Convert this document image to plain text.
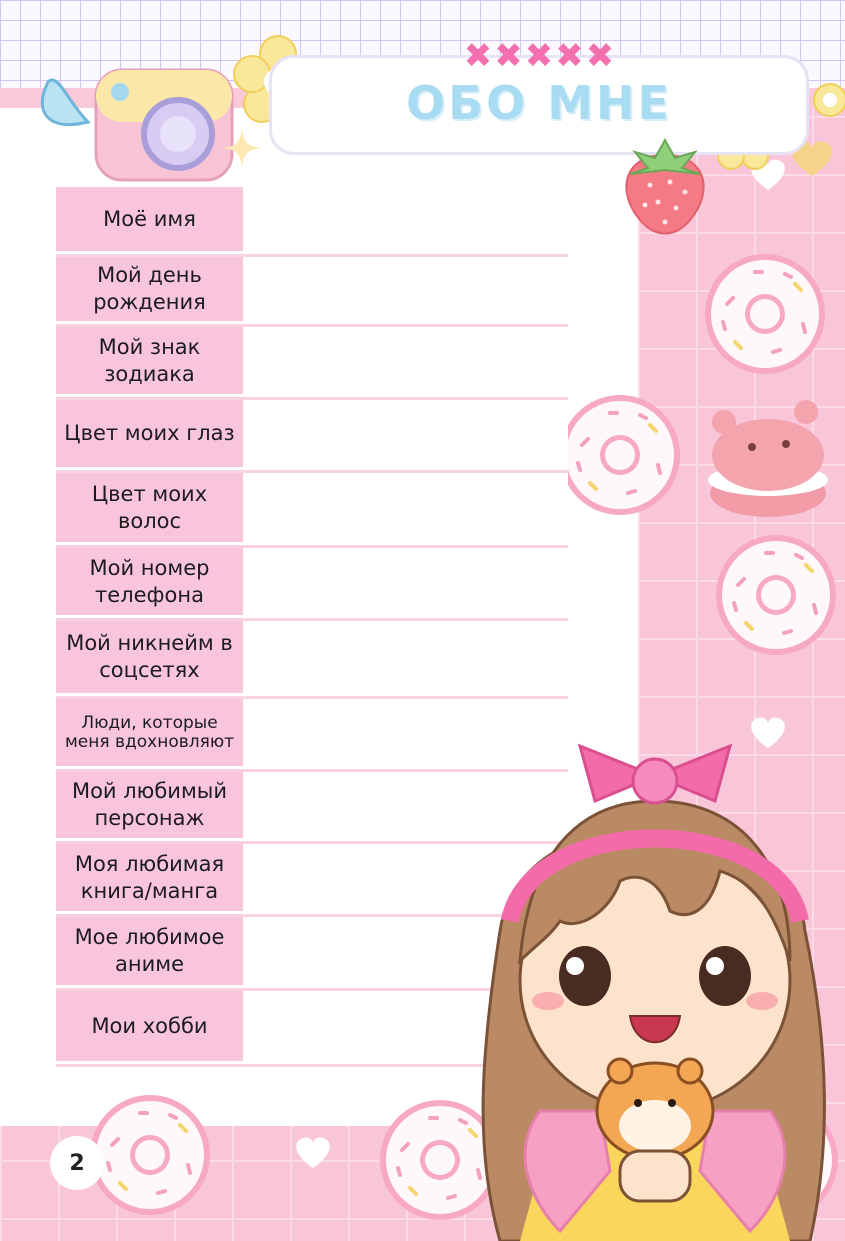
✖✖✖✖✖
ОБО МНЕ
Моё имя
Мой день рождения
Мой знак зодиака
Цвет моих глаз
Цвет моих волос
Мой номер телефона
Мой никнейм в соцсетях
Люди, которые меня вдохновляют
Мой любимый персонаж
Моя любимая книга/манга
Мое любимое аниме
Мои хобби
2
